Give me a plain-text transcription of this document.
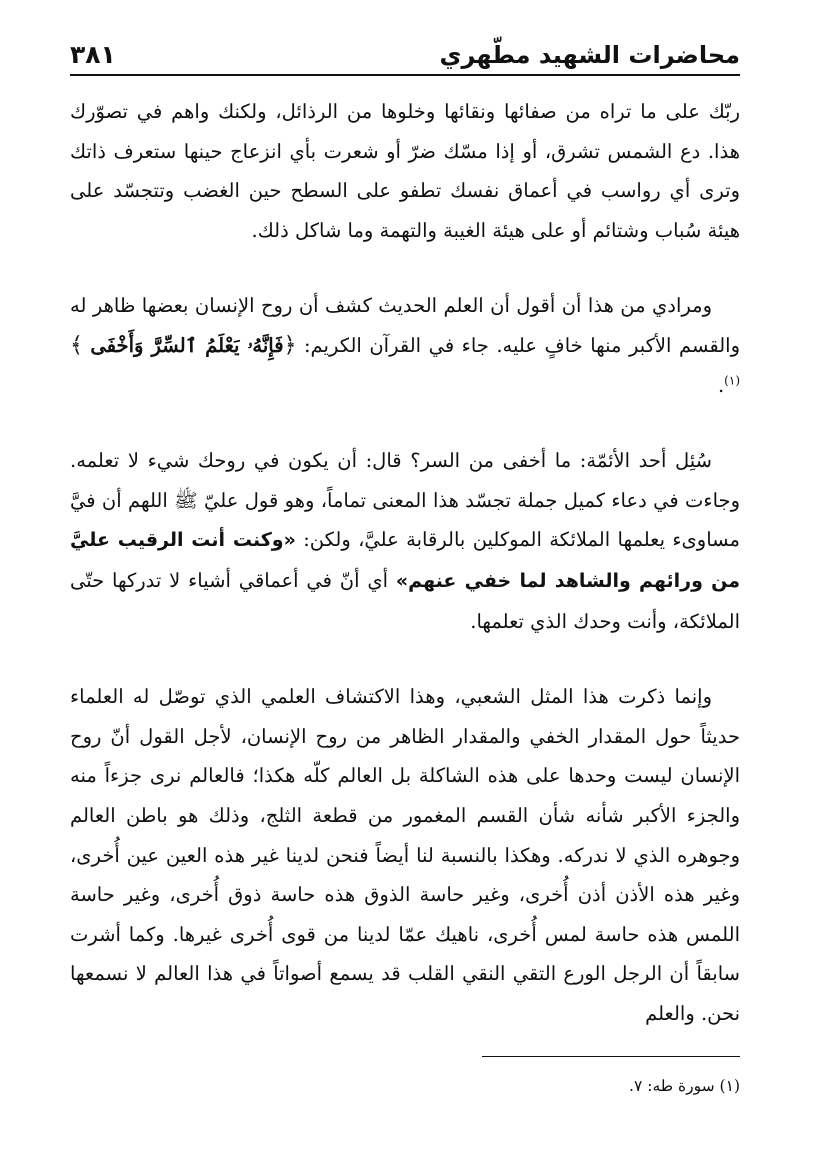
محاضرات الشهيد مطّهري
٣٨١

ربّك على ما تراه من صفائها ونقائها وخلوها من الرذائل، ولكنك واهم في تصوّرك هذا. دع الشمس تشرق، أو إذا مسّك ضرّ أو شعرت بأي انزعاج حينها ستعرف ذاتك وترى أي رواسب في أعماق نفسك تطفو على السطح حين الغضب وتتجسّد على هيئة سُباب وشتائم أو على هيئة الغيبة والتهمة وما شاكل ذلك.

ومرادي من هذا أن أقول أن العلم الحديث كشف أن روح الإنسان بعضها ظاهر له والقسم الأكبر منها خافٍ عليه. جاء في القرآن الكريم: ﴿فَإِنَّهُۥ يَعْلَمُ ٱلسِّرَّ وَأَخْفَى ﴾$^{(١)}$.

سُئِل أحد الأئمّة: ما أخفى من السر؟ قال: أن يكون في روحك شيء لا تعلمه. وجاءت في دعاء كميل جملة تجسّد هذا المعنى تماماً، وهو قول عليّ ﷺ اللهم أن فيَّ مساوىء يعلمها الملائكة الموكلين بالرقابة عليَّ، ولكن: «وكنت أنت الرقيب عليَّ من ورائهم والشاهد لما خفي عنهم» أي أنّ في أعماقي أشياء لا تدركها حتّى الملائكة، وأنت وحدك الذي تعلمها.

وإنما ذكرت هذا المثل الشعبي، وهذا الاكتشاف العلمي الذي توصّل له العلماء حديثاً حول المقدار الخفي والمقدار الظاهر من روح الإنسان، لأجل القول أنّ روح الإنسان ليست وحدها على هذه الشاكلة بل العالم كلّه هكذا؛ فالعالم نرى جزءاً منه والجزء الأكبر شأنه شأن القسم المغمور من قطعة الثلج، وذلك هو باطن العالم وجوهره الذي لا ندركه. وهكذا بالنسبة لنا أيضاً فنحن لدينا غير هذه العين عين أُخرى، وغير هذه الأذن أذن أُخرى، وغير حاسة الذوق هذه حاسة ذوق أُخرى، وغير حاسة اللمس هذه حاسة لمس أُخرى، ناهيك عمّا لدينا من قوى أُخرى غيرها. وكما أشرت سابقاً أن الرجل الورع التقي النقي القلب قد يسمع أصواتاً في هذا العالم لا نسمعها نحن. والعلم

(١) سورة طه: ٧.
